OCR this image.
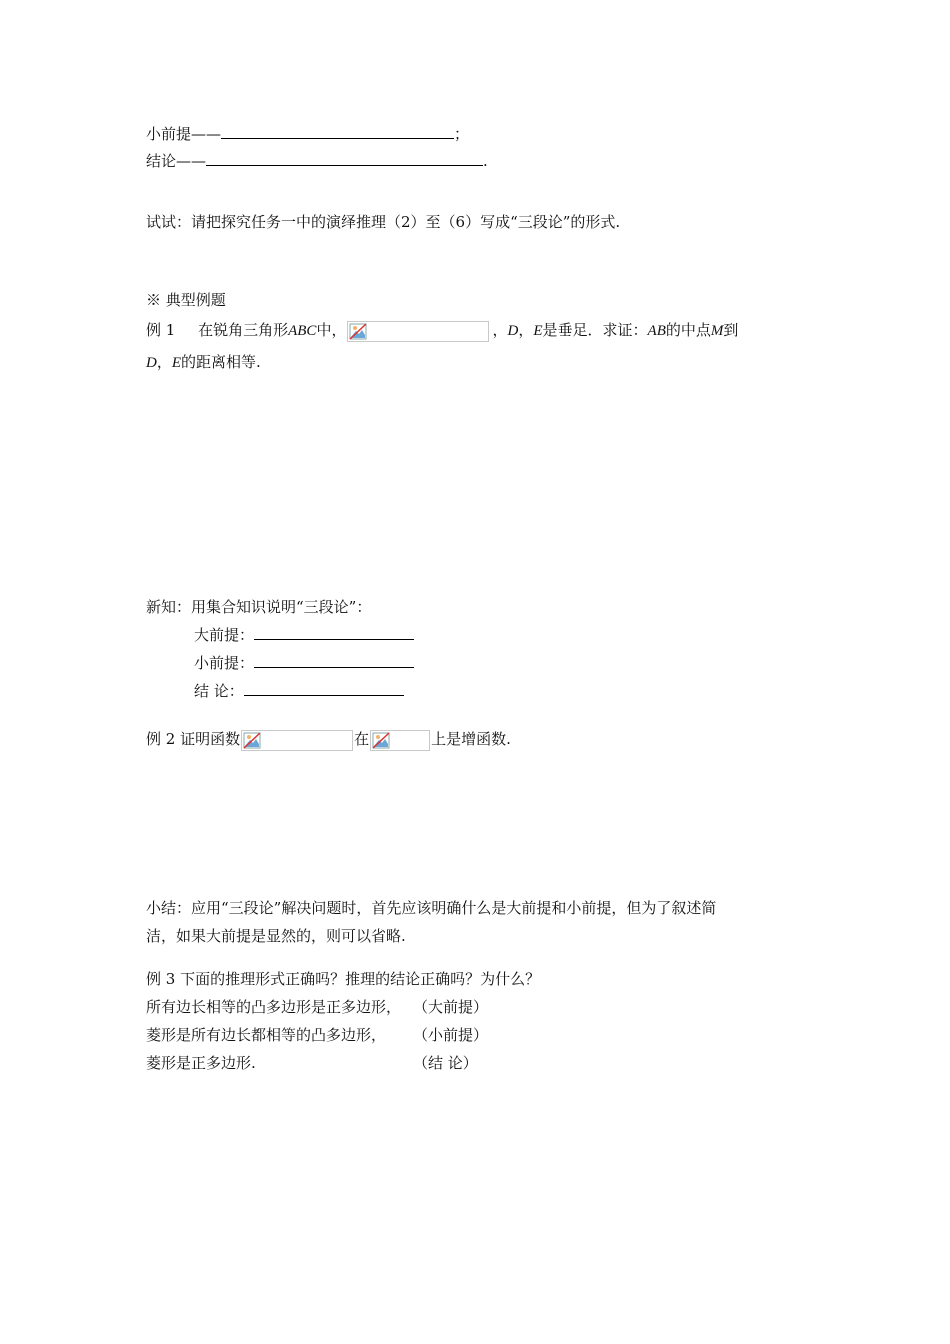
小前提——	；
结论——	.
试试：请把探究任务一中的演绎推理（2）至（6）写成“三段论”的形式.
※ 典型例题
例 1 在锐角三角形ABC中，	，D，E是垂足．求证：AB的中点M到
D，E的距离相等.
新知：用集合知识说明“三段论”：
大前提：
小前提：
结 论：
例 2 证明函数	在	上是增函数.
小结：应用“三段论”解决问题时，首先应该明确什么是大前提和小前提，但为了叙述简
洁，如果大前提是显然的，则可以省略.
例 3 下面的推理形式正确吗？推理的结论正确吗？为什么？
所有边长相等的凸多边形是正多边形， （大前提）
菱形是所有边长都相等的凸多边形， （小前提）
菱形是正多边形.	（结 论）
